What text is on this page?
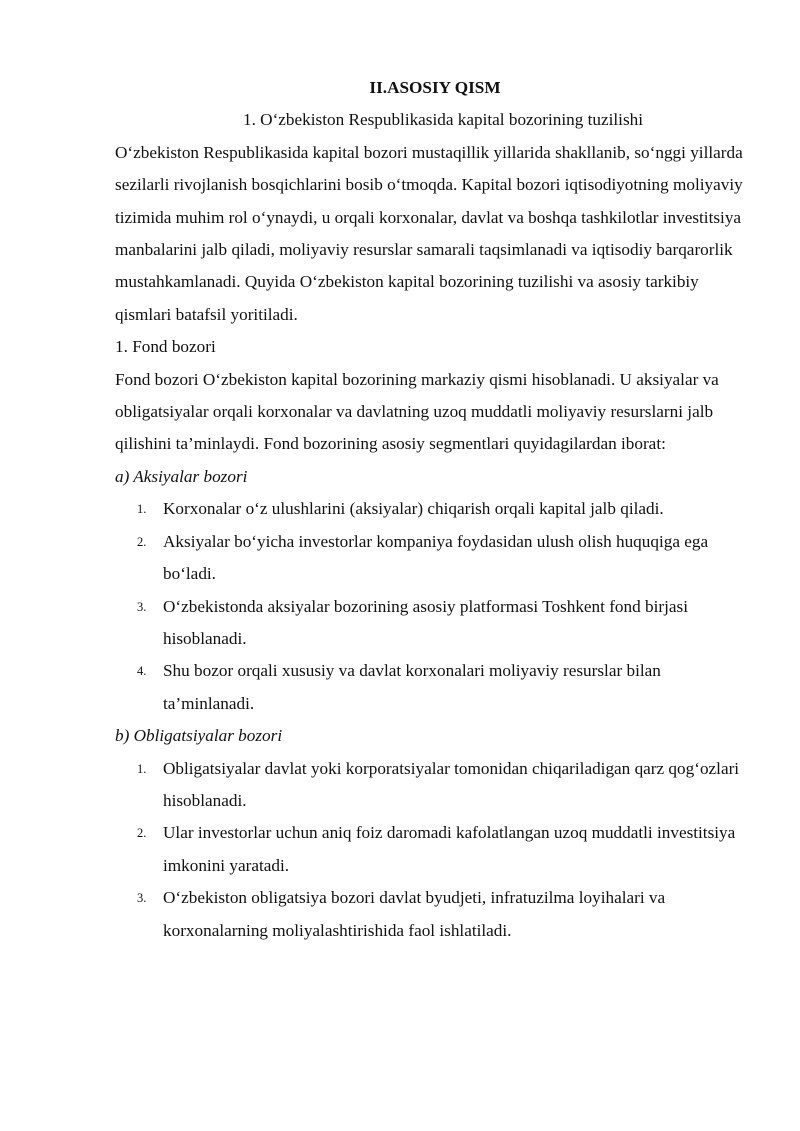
II.ASOSIY QISM
1. O‘zbekiston Respublikasida kapital bozorining tuzilishi

O‘zbekiston Respublikasida kapital bozori mustaqillik yillarida shakllanib, so‘nggi yillarda sezilarli rivojlanish bosqichlarini bosib o‘tmoqda. Kapital bozori iqtisodiyotning moliyaviy tizimida muhim rol o‘ynaydi, u orqali korxonalar, davlat va boshqa tashkilotlar investitsiya manbalarini jalb qiladi, moliyaviy resurslar samarali taqsimlanadi va iqtisodiy barqarorlik mustahkamlanadi. Quyida O‘zbekiston kapital bozorining tuzilishi va asosiy tarkibiy qismlari batafsil yoritiladi.

1. Fond bozori

Fond bozori O‘zbekiston kapital bozorining markaziy qismi hisoblanadi. U aksiyalar va obligatsiyalar orqali korxonalar va davlatning uzoq muddatli moliyaviy resurslarni jalb qilishini ta’minlaydi. Fond bozorining asosiy segmentlari quyidagilardan iborat:

a) Aksiyalar bozori

1. Korxonalar o‘z ulushlarini (aksiyalar) chiqarish orqali kapital jalb qiladi.
2. Aksiyalar bo‘yicha investorlar kompaniya foydasidan ulush olish huquqiga ega bo‘ladi.
3. O‘zbekistonda aksiyalar bozorining asosiy platformasi Toshkent fond birjasi hisoblanadi.
4. Shu bozor orqali xususiy va davlat korxonalari moliyaviy resurslar bilan ta’minlanadi.

b) Obligatsiyalar bozori

1. Obligatsiyalar davlat yoki korporatsiyalar tomonidan chiqariladigan qarz qog‘ozlari hisoblanadi.
2. Ular investorlar uchun aniq foiz daromadi kafolatlangan uzoq muddatli investitsiya imkonini yaratadi.
3. O‘zbekiston obligatsiya bozori davlat byudjeti, infratuzilma loyihalari va korxonalarning moliyalashtirishida faol ishlatiladi.
